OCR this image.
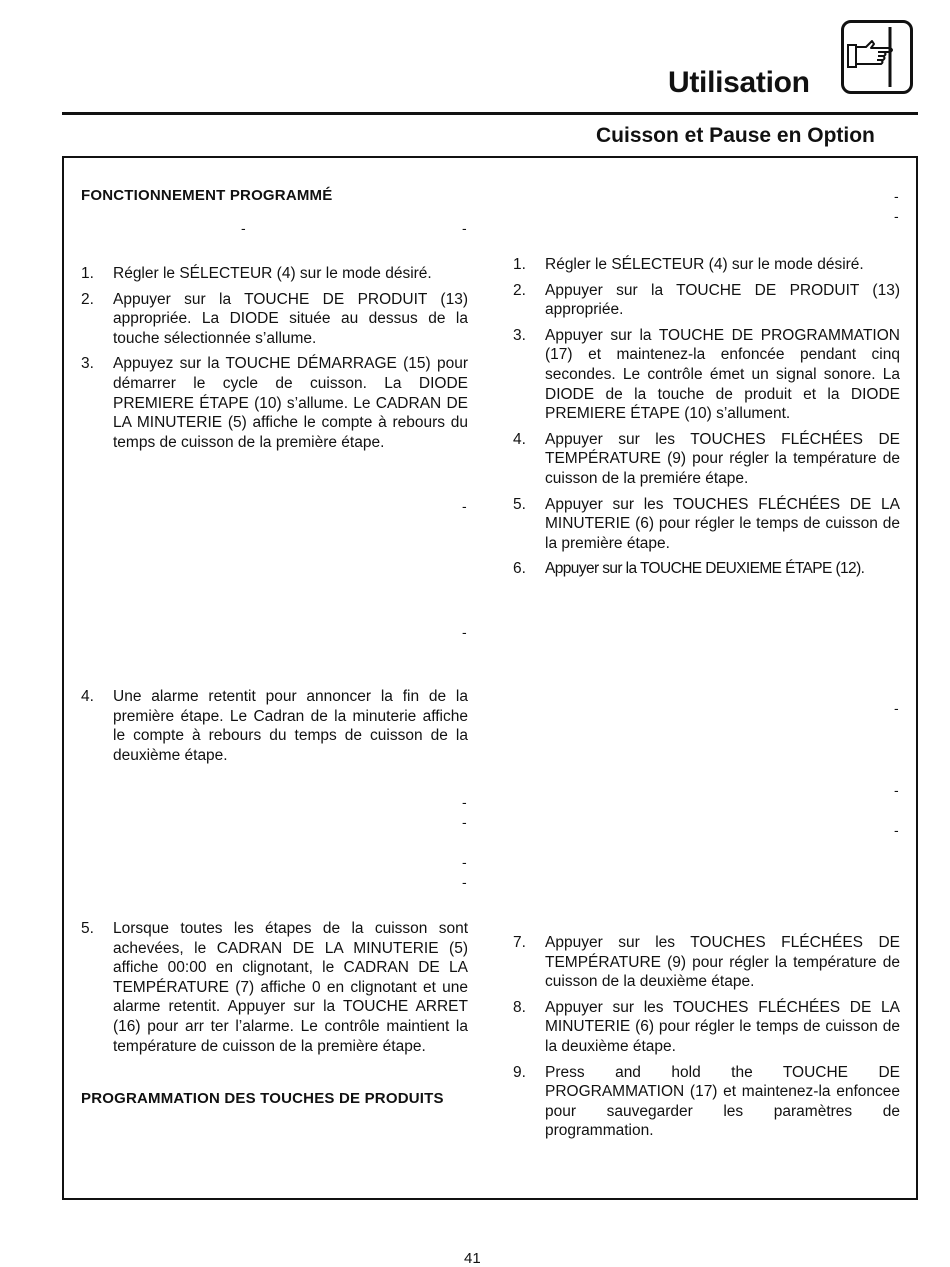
Utilisation
Cuisson et Pause en Option
FONCTIONNEMENT PROGRAMMÉ
-	-
1. Régler le SÉLECTEUR (4) sur le mode désiré.
2. Appuyer sur la TOUCHE DE PRODUIT (13) appropriée. La DIODE située au dessus de la touche sélectionnée s’allume.
3. Appuyez sur la TOUCHE DÉMARRAGE (15) pour démarrer le cycle de cuisson. La DIODE PREMIERE ÉTAPE (10) s’allume. Le CADRAN DE LA MINUTERIE (5) affiche le compte à rebours du temps de cuisson de la première étape.
-
-
4. Une alarme retentit pour annoncer la fin de la première étape. Le Cadran de la minuterie affiche le compte à rebours du temps de cuisson de la deuxième étape.
-
-
-
-
5. Lorsque toutes les étapes de la cuisson sont achevées, le CADRAN DE LA MINUTERIE (5) affiche 00:00 en clignotant, le CADRAN DE LA TEMPÉRATURE (7) affiche 0 en clignotant et une alarme retentit. Appuyer sur la TOUCHE ARRET (16) pour arr ter l’alarme. Le contrôle maintient la température de cuisson de la première étape.
PROGRAMMATION DES TOUCHES DE PRODUITS
-
-
1. Régler le SÉLECTEUR (4) sur le mode désiré.
2. Appuyer sur la TOUCHE DE PRODUIT (13) appropriée.
3. Appuyer sur la TOUCHE DE PROGRAMMATION (17) et maintenez-la enfoncée pendant cinq secondes. Le contrôle émet un signal sonore. La DIODE de la touche de produit et la DIODE PREMIERE ÉTAPE (10) s’allument.
4. Appuyer sur les TOUCHES FLÉCHÉES DE TEMPÉRATURE (9) pour régler la température de cuisson de la premiére étape.
5. Appuyer sur les TOUCHES FLÉCHÉES DE LA MINUTERIE (6) pour régler le temps de cuisson de la première étape.
6. Appuyer sur la TOUCHE DEUXIEME ÉTAPE (12).
-
-
-
7. Appuyer sur les TOUCHES FLÉCHÉES DE TEMPÉRATURE (9) pour régler la température de cuisson de la deuxième étape.
8. Appuyer sur les TOUCHES FLÉCHÉES DE LA MINUTERIE (6) pour régler le temps de cuisson de la deuxième étape.
9. Press and hold the TOUCHE DE PROGRAMMATION (17) et maintenez-la enfoncee pour sauvegarder les paramètres de programmation.
41
